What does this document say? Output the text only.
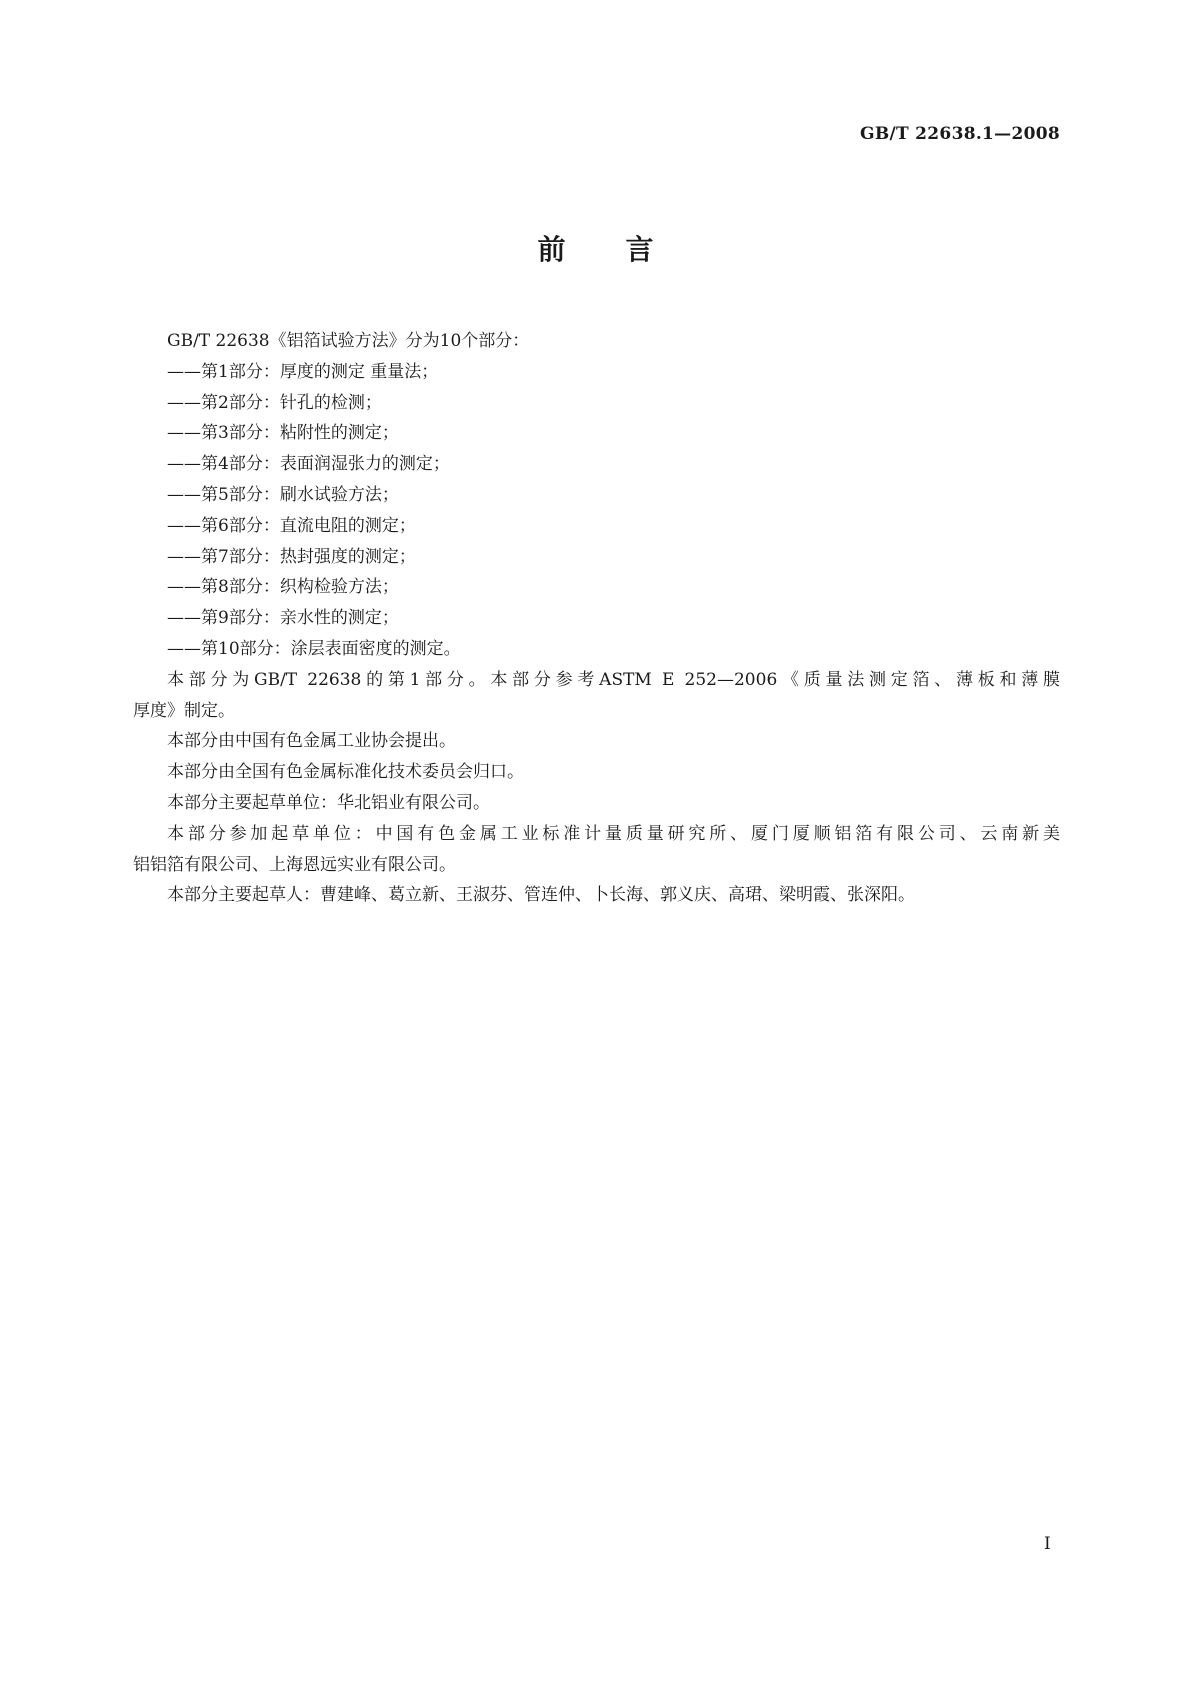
GB/T 22638.1—2008
前 言
GB/T 22638《铝箔试验方法》分为10个部分：
——第1部分：厚度的测定 重量法；
——第2部分：针孔的检测；
——第3部分：粘附性的测定；
——第4部分：表面润湿张力的测定；
——第5部分：刷水试验方法；
——第6部分：直流电阻的测定；
——第7部分：热封强度的测定；
——第8部分：织构检验方法；
——第9部分：亲水性的测定；
——第10部分：涂层表面密度的测定。
本部分为GB/T 22638的第1部分。本部分参考ASTM E 252—2006《质量法测定箔、薄板和薄膜
厚度》制定。
本部分由中国有色金属工业协会提出。
本部分由全国有色金属标准化技术委员会归口。
本部分主要起草单位：华北铝业有限公司。
本部分参加起草单位：中国有色金属工业标准计量质量研究所、厦门厦顺铝箔有限公司、云南新美
铝铝箔有限公司、上海恩远实业有限公司。
本部分主要起草人：曹建峰、葛立新、王淑芬、管连仲、卜长海、郭义庆、高珺、梁明霞、张深阳。
I
